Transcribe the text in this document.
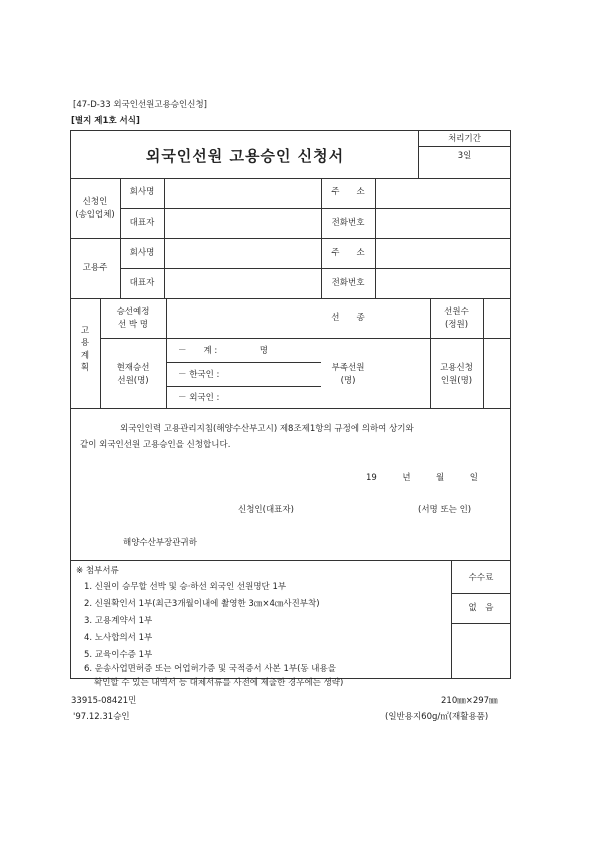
[47-D-33 외국인선원고용승인신청]
[별지 제1호 서식]
외국인선원 고용승인 신청서
처리기간
3일
신청인
(송입업체)
회사명
대표자
주　　소
전화번호
고용주
회사명
대표자
주　　소
전화번호
고
용
계
획
승선예정
선 박 명
선　　종
선원수
(정원)
현재승선
선원(명)
－　　계 :　　　　　명
－ 한국인 :
－ 외국인 :
부족선원
(명)
고용신청
인원(명)
외국인인력 고용관리지침(해양수산부고시) 제8조제1항의 규정에 의하여 상기와
같이 외국인선원 고용승인을 신청합니다.
19　　　년　　　월　　　일
신청인(대표자)	(서명 또는 인)
해양수산부장관귀하
※ 첨부서류
1. 신원이 승무할 선박 및 승·하선 외국인 선원명단 1부
2. 신원확인서 1부(최근3개월이내에 촬영한 3㎝×4㎝사진부착)
3. 고용계약서 1부
4. 노사합의서 1부
5. 교육이수증 1부
6. 운송사업면허증 또는 어업허가증 및 국적증서 사본 1부(동 내용을
확인할 수 있는 내역서 등 대체서류를 사전에 제출한 경우에는 생략)
수수료
없　음
33915-08421민
'97.12.31승인
210㎜×297㎜
(일반용지60g/㎡(재활용품)
